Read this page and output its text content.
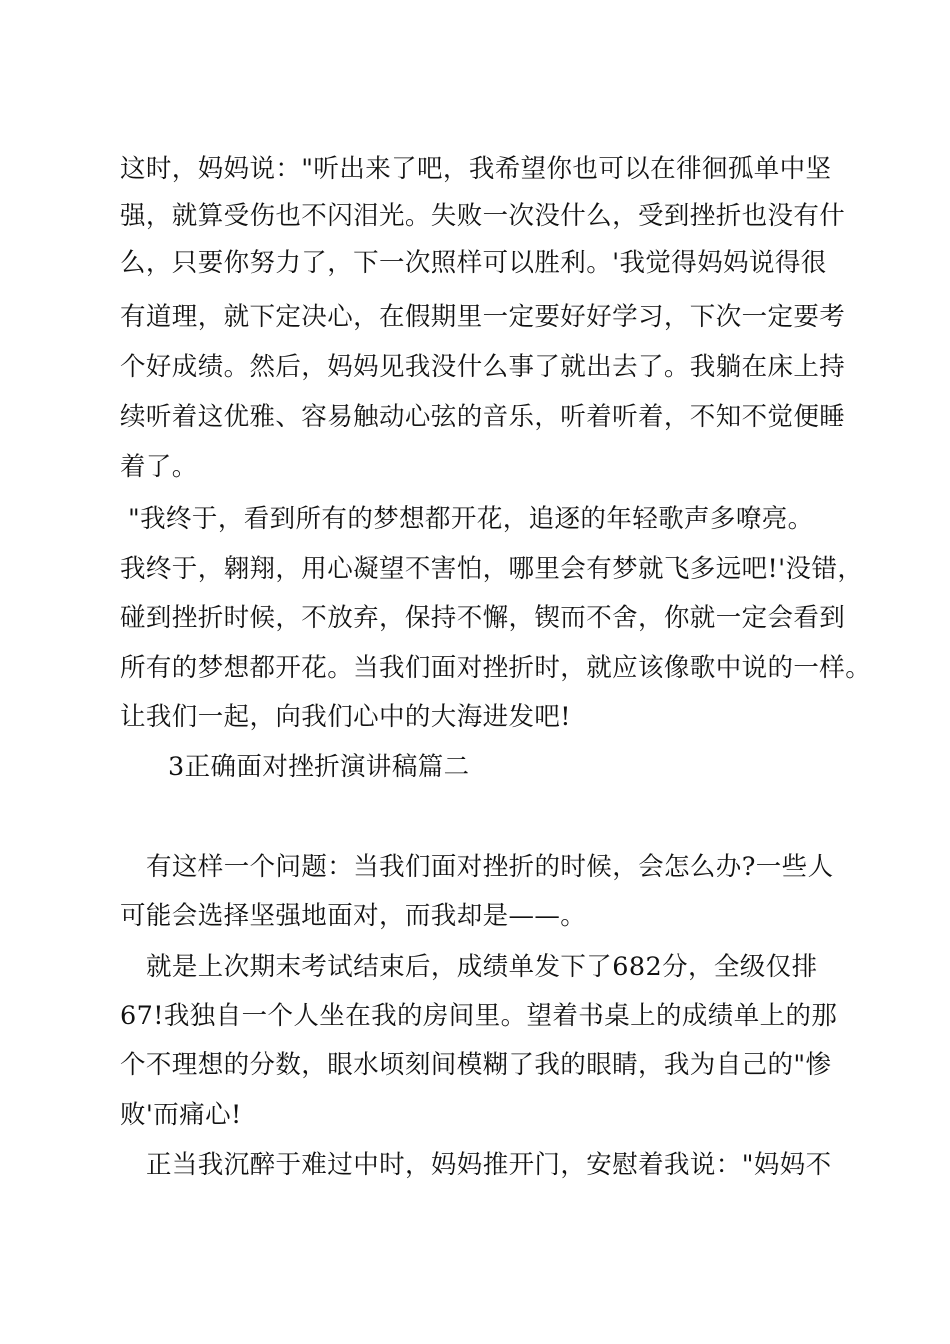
这时，妈妈说："听出来了吧，我希望你也可以在徘徊孤单中坚
强，就算受伤也不闪泪光。失败一次没什么，受到挫折也没有什
么，只要你努力了，下一次照样可以胜利。'我觉得妈妈说得很
有道理，就下定决心，在假期里一定要好好学习，下次一定要考
个好成绩。然后，妈妈见我没什么事了就出去了。我躺在床上持
续听着这优雅、容易触动心弦的音乐，听着听着，不知不觉便睡
着了。
"我终于，看到所有的梦想都开花，追逐的年轻歌声多嘹亮。
我终于，翱翔，用心凝望不害怕，哪里会有梦就飞多远吧!'没错，
碰到挫折时候，不放弃，保持不懈，锲而不舍，你就一定会看到
所有的梦想都开花。当我们面对挫折时，就应该像歌中说的一样。
让我们一起，向我们心中的大海进发吧!
3正确面对挫折演讲稿篇二
有这样一个问题：当我们面对挫折的时候，会怎么办?一些人
可能会选择坚强地面对，而我却是——。
就是上次期末考试结束后，成绩单发下了682分，全级仅排
67!我独自一个人坐在我的房间里。望着书桌上的成绩单上的那
个不理想的分数，眼水顷刻间模糊了我的眼睛，我为自己的"惨
败'而痛心!
正当我沉醉于难过中时，妈妈推开门，安慰着我说："妈妈不
